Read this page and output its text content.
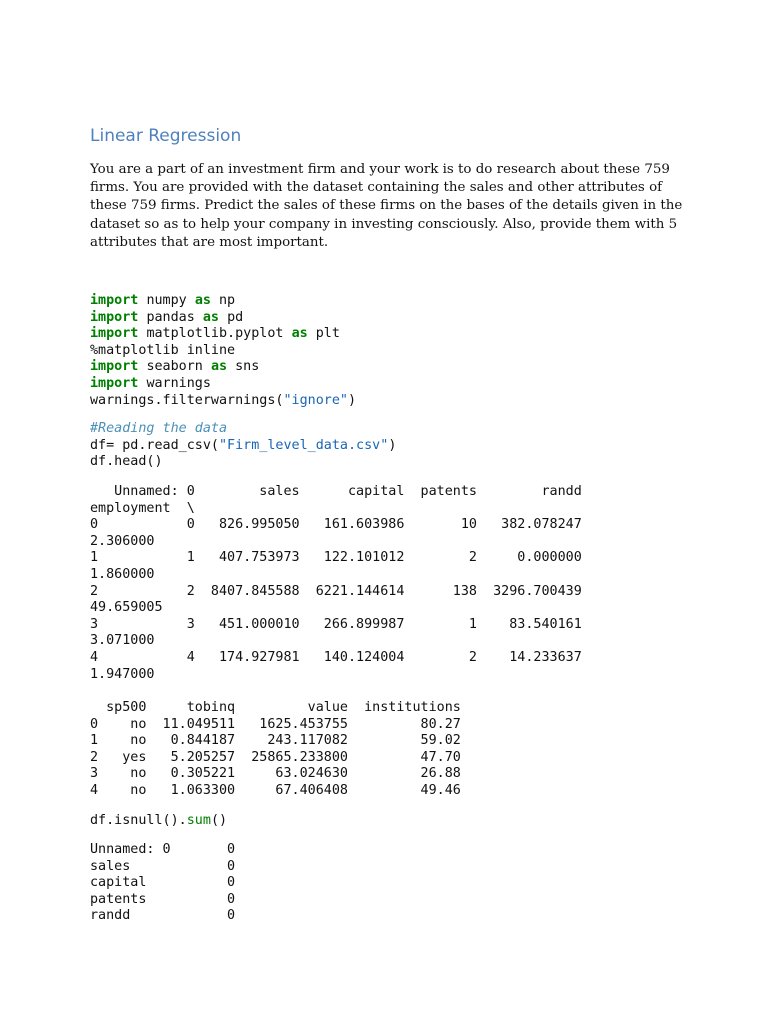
Linear Regression

You are a part of an investment firm and your work is to do research about these 759 firms. You are provided with the dataset containing the sales and other attributes of these 759 firms. Predict the sales of these firms on the bases of the details given in the dataset so as to help your company in investing consciously. Also, provide them with 5 attributes that are most important.

import numpy as np
import pandas as pd
import matplotlib.pyplot as plt
%matplotlib inline
import seaborn as sns
import warnings
warnings.filterwarnings("ignore")
#Reading the data
df= pd.read_csv("Firm_level_data.csv")
df.head()
Unnamed: 0        sales      capital  patents        randd
employment  \
0           0   826.995050   161.603986       10   382.078247
2.306000
1           1   407.753973   122.101012        2     0.000000
1.860000
2           2  8407.845588  6221.144614      138  3296.700439
49.659005
3           3   451.000010   266.899987        1    83.540161
3.071000
4           4   174.927981   140.124004        2    14.233637
1.947000
sp500     tobinq         value  institutions
0    no  11.049511   1625.453755         80.27
1    no   0.844187    243.117082         59.02
2   yes   5.205257  25865.233800         47.70
3    no   0.305221     63.024630         26.88
4    no   1.063300     67.406408         49.46
df.isnull().sum()
Unnamed: 0       0
sales            0
capital          0
patents          0
randd            0
